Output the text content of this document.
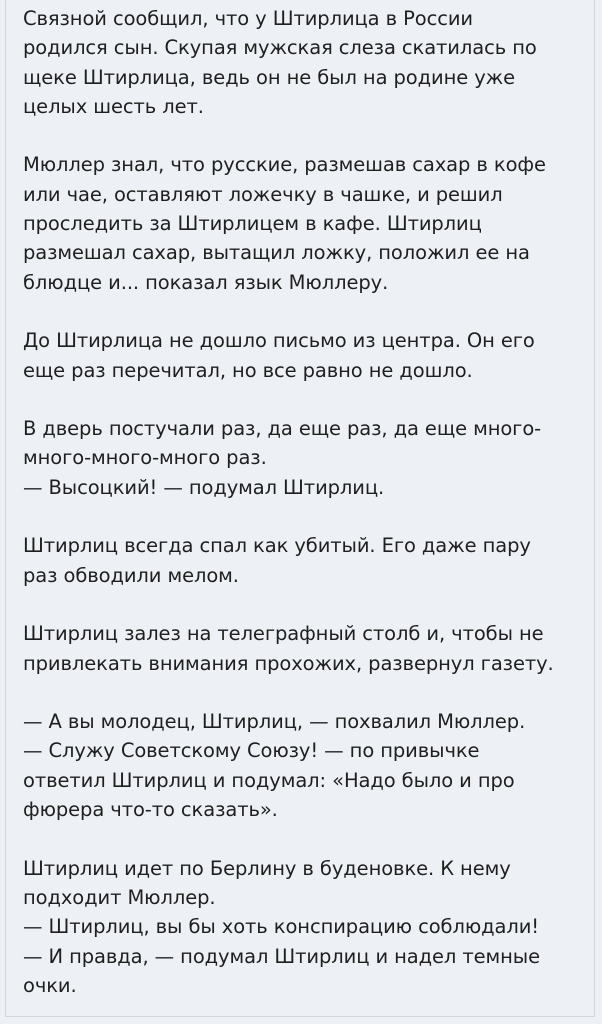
Связной сообщил, что у Штирлица в России
родился сын. Скупая мужская слеза скатилась по
щеке Штирлица, ведь он не был на родине уже
целых шесть лет.

Мюллер знал, что русские, размешав сахар в кофе
или чае, оставляют ложечку в чашке, и решил
проследить за Штирлицем в кафе. Штирлиц
размешал сахар, вытащил ложку, положил ее на
блюдце и... показал язык Мюллеру.

До Штирлица не дошло письмо из центра. Он его
еще раз перечитал, но все равно не дошло.

В дверь постучали раз, да еще раз, да еще много-
много-много-много раз.
— Высоцкий! — подумал Штирлиц.

Штирлиц всегда спал как убитый. Его даже пару
раз обводили мелом.

Штирлиц залез на телеграфный столб и, чтобы не
привлекать внимания прохожих, развернул газету.

— А вы молодец, Штирлиц, — похвалил Мюллер.
— Служу Советскому Союзу! — по привычке
ответил Штирлиц и подумал: «Надо было и про
фюрера что-то сказать».

Штирлиц идет по Берлину в буденовке. К нему
подходит Мюллер.
— Штирлиц, вы бы хоть конспирацию соблюдали!
— И правда, — подумал Штирлиц и надел темные
очки.
